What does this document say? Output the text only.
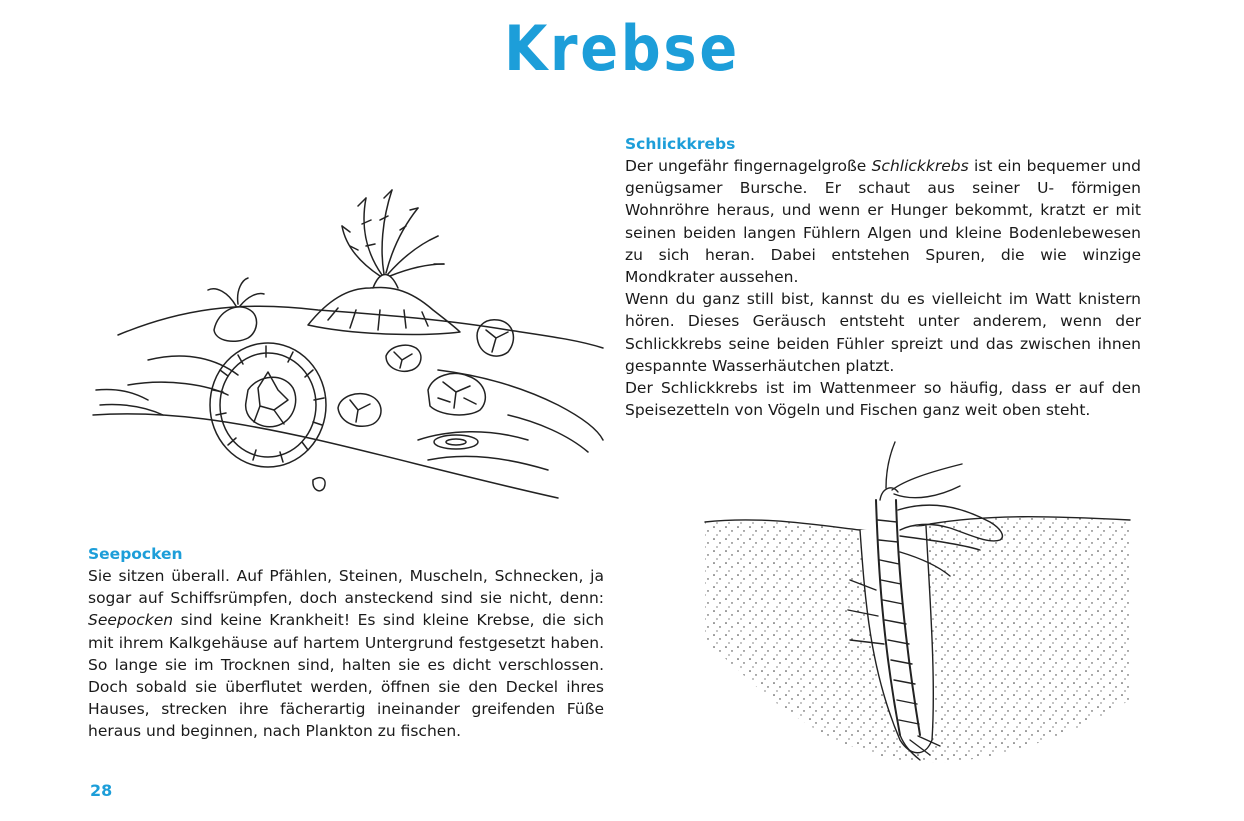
Krebse
Schlickkrebs

Der ungefähr fingernagelgroße Schlickkrebs ist ein bequemer und genügsamer Bursche. Er schaut aus seiner U- förmigen Wohnröhre heraus, und wenn er Hunger bekommt, kratzt er mit seinen beiden langen Fühlern Algen und kleine Bodenlebewesen zu sich heran. Dabei entstehen Spuren, die wie winzige Mondkrater aussehen.

Wenn du ganz still bist, kannst du es vielleicht im Watt knistern hören. Dieses Geräusch entsteht unter anderem, wenn der Schlickkrebs seine beiden Fühler spreizt und das zwischen ihnen gespannte Wasserhäutchen platzt.

Der Schlickkrebs ist im Wattenmeer so häufig, dass er auf den Speisezetteln von Vögeln und Fischen ganz weit oben steht.

Seepocken

Sie sitzen überall. Auf Pfählen, Steinen, Muscheln, Schnecken, ja sogar auf Schiffsrümpfen, doch ansteckend sind sie nicht, denn: Seepocken sind keine Krankheit! Es sind kleine Krebse, die sich mit ihrem Kalkgehäuse auf hartem Untergrund festgesetzt haben. So lange sie im Trocknen sind, halten sie es dicht verschlossen. Doch sobald sie überflutet werden, öffnen sie den Deckel ihres Hauses, strecken ihre fächerartig ineinander greifenden Füße heraus und beginnen, nach Plankton zu fischen.

28
